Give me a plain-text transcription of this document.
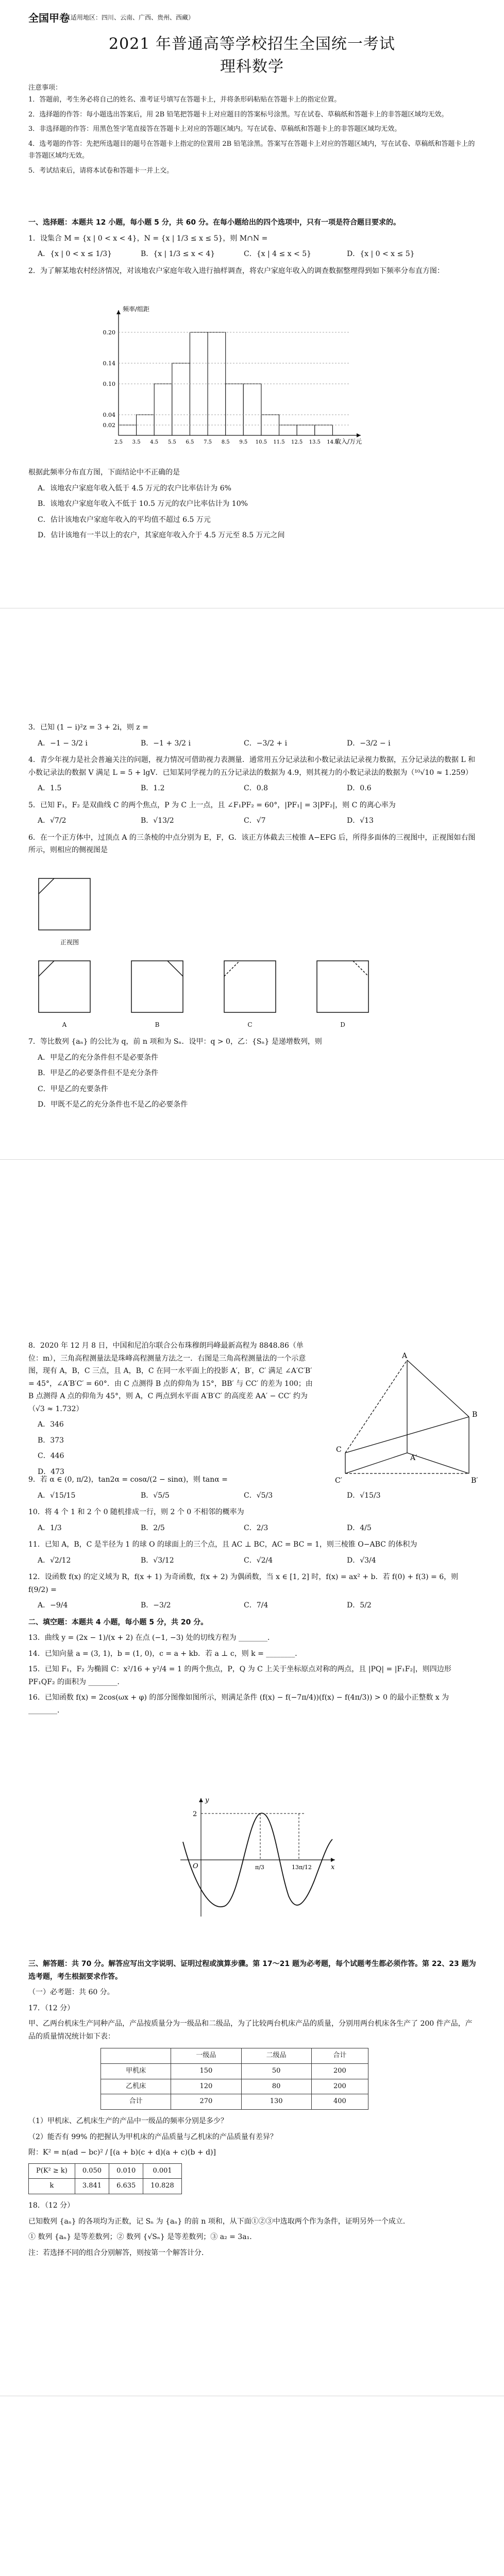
全国甲卷
（适用地区：四川、云南、广西、贵州、西藏）
2021 年普通高等学校招生全国统一考试
理科数学
注意事项：
1．答题前，考生务必将自己的姓名、准考证号填写在答题卡上，并将条形码粘贴在答题卡上的指定位置。
2．选择题的作答：每小题选出答案后，用 2B 铅笔把答题卡上对应题目的答案标号涂黑。写在试卷、草稿纸和答题卡上的非答题区域均无效。
3．非选择题的作答：用黑色签字笔直接答在答题卡上对应的答题区域内。写在试卷、草稿纸和答题卡上的非答题区域均无效。
4．选考题的作答：先把所选题目的题号在答题卡上指定的位置用 2B 铅笔涂黑。答案写在答题卡上对应的答题区域内，写在试卷、草稿纸和答题卡上的非答题区域均无效。
5．考试结束后，请将本试卷和答题卡一并上交。
一、选择题：本题共 12 小题，每小题 5 分，共 60 分。在每小题给出的四个选项中，只有一项是符合题目要求的。
1．设集合 M = {x | 0 < x < 4}，N = {x | 1/3 ≤ x ≤ 5}，则 M∩N =
A．{x | 0 < x ≤ 1/3}	B．{x | 1/3 ≤ x < 4}	C．{x | 4 ≤ x < 5}	D．{x | 0 < x ≤ 5}
2．为了解某地农村经济情况，对该地农户家庭年收入进行抽样调查，将农户家庭年收入的调查数据整理得到如下频率分布直方图：
0.02
0.04
0.10
0.14
0.20
2.5 3.5 4.5 5.5 6.5 7.5 8.5 9.5 10.5 11.5 12.5 13.5 14.5
频率/组距
收入/万元
根据此频率分布直方图，下面结论中不正确的是
A．该地农户家庭年收入低于 4.5 万元的农户比率估计为 6%
B．该地农户家庭年收入不低于 10.5 万元的农户比率估计为 10%
C．估计该地农户家庭年收入的平均值不超过 6.5 万元
D．估计该地有一半以上的农户，其家庭年收入介于 4.5 万元至 8.5 万元之间
3．已知 (1 − i)²z = 3 + 2i，则 z =
A．−1 − 3/2 i	B．−1 + 3/2 i	C．−3/2 + i	D．−3/2 − i
4．青少年视力是社会普遍关注的问题，视力情况可借助视力表测量．通常用五分记录法和小数记录法记录视力数据，五分记录法的数据 L 和小数记录法的数据 V 满足 L = 5 + lgV．已知某同学视力的五分记录法的数据为 4.9，则其视力的小数记录法的数据为（¹⁰√10 ≈ 1.259）
A．1.5	B．1.2	C．0.8	D．0.6
5．已知 F₁，F₂ 是双曲线 C 的两个焦点，P 为 C 上一点，且 ∠F₁PF₂ = 60°，|PF₁| = 3|PF₂|，则 C 的离心率为
A．√7/2	B．√13/2	C．√7	D．√13
6．在一个正方体中，过顶点 A 的三条棱的中点分别为 E，F，G．该正方体截去三棱锥 A−EFG 后，所得多面体的三视图中，正视图如右图所示，则相应的侧视图是
正视图
A	B	C	D
7．等比数列 {aₙ} 的公比为 q，前 n 项和为 Sₙ．设甲：q > 0，乙：{Sₙ} 是递增数列，则
A．甲是乙的充分条件但不是必要条件
B．甲是乙的必要条件但不是充分条件
C．甲是乙的充要条件
D．甲既不是乙的充分条件也不是乙的必要条件
8．2020 年 12 月 8 日，中国和尼泊尔联合公布珠穆朗玛峰最新高程为 8848.86（单位：m），三角高程测量法是珠峰高程测量方法之一．右图是三角高程测量法的一个示意图，现有 A，B，C 三点，且 A，B，C 在同一水平面上的投影 A′，B′，C′ 满足 ∠A′C′B′ = 45°，∠A′B′C′ = 60°．由 C 点测得 B 点的仰角为 15°，BB′ 与 CC′ 的差为 100；由 B 点测得 A 点的仰角为 45°，则 A，C 两点到水平面 A′B′C′ 的高度差 AA′ − CC′ 约为（√3 ≈ 1.732）
A．346
B．373
C．446
D．473
A
B
C
A′
B′
C′
9．若 α ∈ (0, π/2)，tan2α = cosα/(2 − sinα)，则 tanα =
A．√15/15	B．√5/5	C．√5/3	D．√15/3
10．将 4 个 1 和 2 个 0 随机排成一行，则 2 个 0 不相邻的概率为
A．1/3	B．2/5	C．2/3	D．4/5
11．已知 A，B，C 是半径为 1 的球 O 的球面上的三个点，且 AC ⊥ BC，AC = BC = 1，则三棱锥 O−ABC 的体积为
A．√2/12	B．√3/12	C．√2/4	D．√3/4
12．设函数 f(x) 的定义域为 R，f(x + 1) 为奇函数，f(x + 2) 为偶函数，当 x ∈ [1, 2] 时，f(x) = ax² + b．若 f(0) + f(3) = 6，则 f(9/2) =
A．−9/4	B．−3/2	C．7/4	D．5/2
二、填空题：本题共 4 小题，每小题 5 分，共 20 分。
13．曲线 y = (2x − 1)/(x + 2) 在点 (−1, −3) 处的切线方程为 ________．
14．已知向量 a = (3, 1)，b = (1, 0)，c = a + kb．若 a ⊥ c，则 k = ________．
15．已知 F₁，F₂ 为椭圆 C：x²/16 + y²/4 = 1 的两个焦点，P，Q 为 C 上关于坐标原点对称的两点，且 |PQ| = |F₁F₂|，则四边形 PF₁QF₂ 的面积为 ________．
16．已知函数 f(x) = 2cos(ωx + φ) 的部分图像如图所示，则满足条件 (f(x) − f(−7π/4))(f(x) − f(4π/3)) > 0 的最小正整数 x 为 ________．
x
y
O
2
π/3	13π/12
三、解答题：共 70 分。解答应写出文字说明、证明过程或演算步骤。第 17～21 题为必考题，每个试题考生都必须作答。第 22、23 题为选考题，考生根据要求作答。
（一）必考题：共 60 分。
17．（12 分）
甲、乙两台机床生产同种产品，产品按质量分为一级品和二级品，为了比较两台机床产品的质量，分别用两台机床各生产了 200 件产品，产品的质量情况统计如下表：
	一级品	二级品	合计
甲机床	150	50	200
乙机床	120	80	200
合计	270	130	400
（1）甲机床、乙机床生产的产品中一级品的频率分别是多少？
（2）能否有 99% 的把握认为甲机床的产品质量与乙机床的产品质量有差异？
附：K² = n(ad − bc)² / [(a + b)(c + d)(a + c)(b + d)]
P(K² ≥ k)	0.050	0.010	0.001
k	3.841	6.635	10.828
18．（12 分）
已知数列 {aₙ} 的各项均为正数，记 Sₙ 为 {aₙ} 的前 n 项和，从下面①②③中选取两个作为条件，证明另外一个成立．
① 数列 {aₙ} 是等差数列；② 数列 {√Sₙ} 是等差数列；③ a₂ = 3a₁．
注：若选择不同的组合分别解答，则按第一个解答计分．
